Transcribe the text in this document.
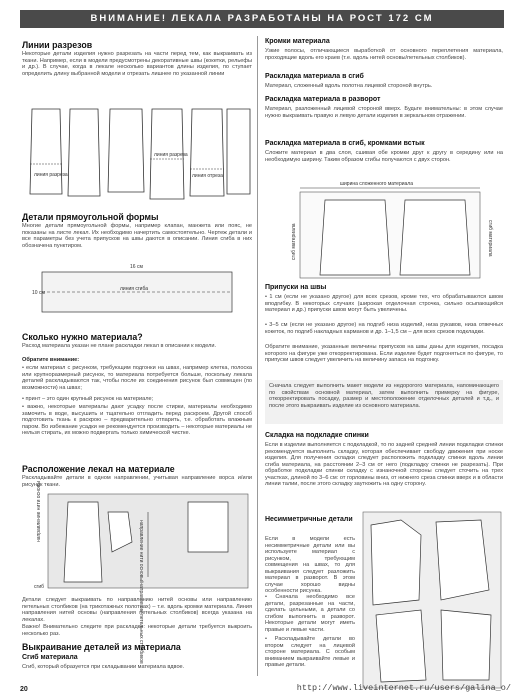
ВНИМАНИЕ! ЛЕКАЛА РАЗРАБОТАНЫ НА РОСТ 172 СМ
Линии разрезов

Некоторые детали изделия нужно разрезать на части перед тем, как выкраивать из ткани. Например, если в модели предусмотрены декоративные швы (кокетки, рельефы и др.). В случае, когда в лекале несколько вариантов длины изделия, по ступает определить длину выбранной модели и отрезать лишнее по указанной линии

линия разреза
линия разреза
линия отреза
Детали прямоугольной формы

Многие детали прямоугольной формы, например клапан, манжета или пояс, не показаны на листе лекал. Их необходимо начертить самостоятельно. Чертеж детали и все параметры без учета припусков на швы даются в описании. Линия сгиба в них обозначена пунктиром.

16 см
10 см
линия сгиба
Сколько нужно материала?

Расход материала указан не плане раскладки лекал в описании к модели.

Обратите внимание:

• если материал с рисунком, требующим подгонки на швах, например клетка, полоска или крупноразмерный рисунок, то материала потребуется больше, поскольку лекала деталей раскладываются так, чтобы после их соединения рисунок был совмещен (по возможности) на швах;

• принт – это один крупный рисунок на материале;

• важно, некоторые материалы дают усадку после стирки, материалы необходимо замочить в воде, высушить и тщательно отгладить перед раскроем. Другой способ подготовить ткань к раскрою – предварительно отпарить, т.е. обработать влажным паром. Во избежание усадки не рекомендуется производить – некоторые материалы не нельзя стирать, их можно подвергать только химической чистке.

Расположение лекал на материале

Раскладывайте детали в одном направлении, учитывая направление ворса и/или рисунок ткани.

направление нити основы/направление петельных столбиков
направление нити основы
сгиб

Детали следует выкраивать по направлению нитей основы или направлению петельных столбиков (на трикотажных полотнах) – т.е. вдоль кромки материала. Линия направления нитей основы (направления петельных столбиков) всегда указана на лекалах.

Важно! Внимательно следите при раскладке: некоторые детали требуется выкроить несколько раз.

Выкраивание деталей из материала
Сгиб материала

Сгиб, который образуется при складывании материала вдвое.

Кромки материала

Узкие полосы, отличающиеся выработкой от основного переплетения материала, проходящие вдоль его краев (т.е. вдоль нитей основы/петельных столбиков).

Раскладка материала в сгиб

Материал, сложенный вдоль полотна лицевой стороной внутрь.

Раскладка материала в разворот

Материал, разложенный лицевой стороной вверх. Будьте внимательны: в этом случае нужно выкраивать правую и левую детали изделия в зеркальном отражении.

Раскладка материала в сгиб, кромками встык

Сложите материал в два слоя, сшивая обе кромки друг к другу в середину или на необходимую ширину. Таким образом сгибы получаются с двух сторон.

ширина сложенного материала
сгиб материала	сгиб материала
Припуски на швы

• 1 см (если не указано другое) для всех срезов, кроме тех, что обрабатываются швом вподгибку. В некоторых случаях (широкая отделочная строчка, сильно осыпающийся материал и др.) припуски швов могут быть увеличены.

• 3–5 см (если не указано другое) на подгиб низа изделий, низа рукавов, низа отвечных кокеток, по подгиб накладных карманов и др. 1–1,5 см – для всех срезов подкладки.

Обратите внимание, указанные величины припусков на швы даны для изделия, посадка которого на фигуре уже откорректирована. Если изделие будет подгоняться по фигуре, то припуски швов следует увеличить на величину запаса на подгонку.

Сначала следует выполнить макет модели из недорогого материала, напоминающего по свойствам основной материал, затем выполнить примерку на фигуре, откорректировать посадку, размер и местоположение отделочных деталей и т.д., и после этого выкраивать изделие из основного материала.

Складка на подкладке спинки

Если в изделии выполняется с подкладкой, то по задней средней линии подкладки спинки рекомендуется выполнить складку, которая обеспечивает свободу движения при носке изделия. Для получения складки следует расположить подкладку спинки вдоль линии сгиба материала, на расстоянии 2–3 см от него (подкладку спинки не разрезать). При обработке подкладки спинки складку с изнаночной стороны следует сточить на трех участках, длиной по 3–6 см: от горловины вниз, от нижнего среза спинки вверх и в области линии талии, после этого складку заутюжить на одну сторону.

Несимметричные детали

Если в модели есть несимметричные детали или вы используете материал с рисунком, требующим совмещения на швах, то для выкраивания следует разложить материал в разворот. В этом случае хорошо видны особенности рисунка.

• Сначала необходимо все детали, разрезанные на части, сделать цельными, а детали со сгибом выполнить в разворот. Некоторые детали могут иметь правые и левые части.

• Раскладывайте детали во втором следует на лицевой стороне материала. С особым вниманием выкраивайте левые и правые детали.

20	http://www.liveinternet.ru/users/galina_o/
